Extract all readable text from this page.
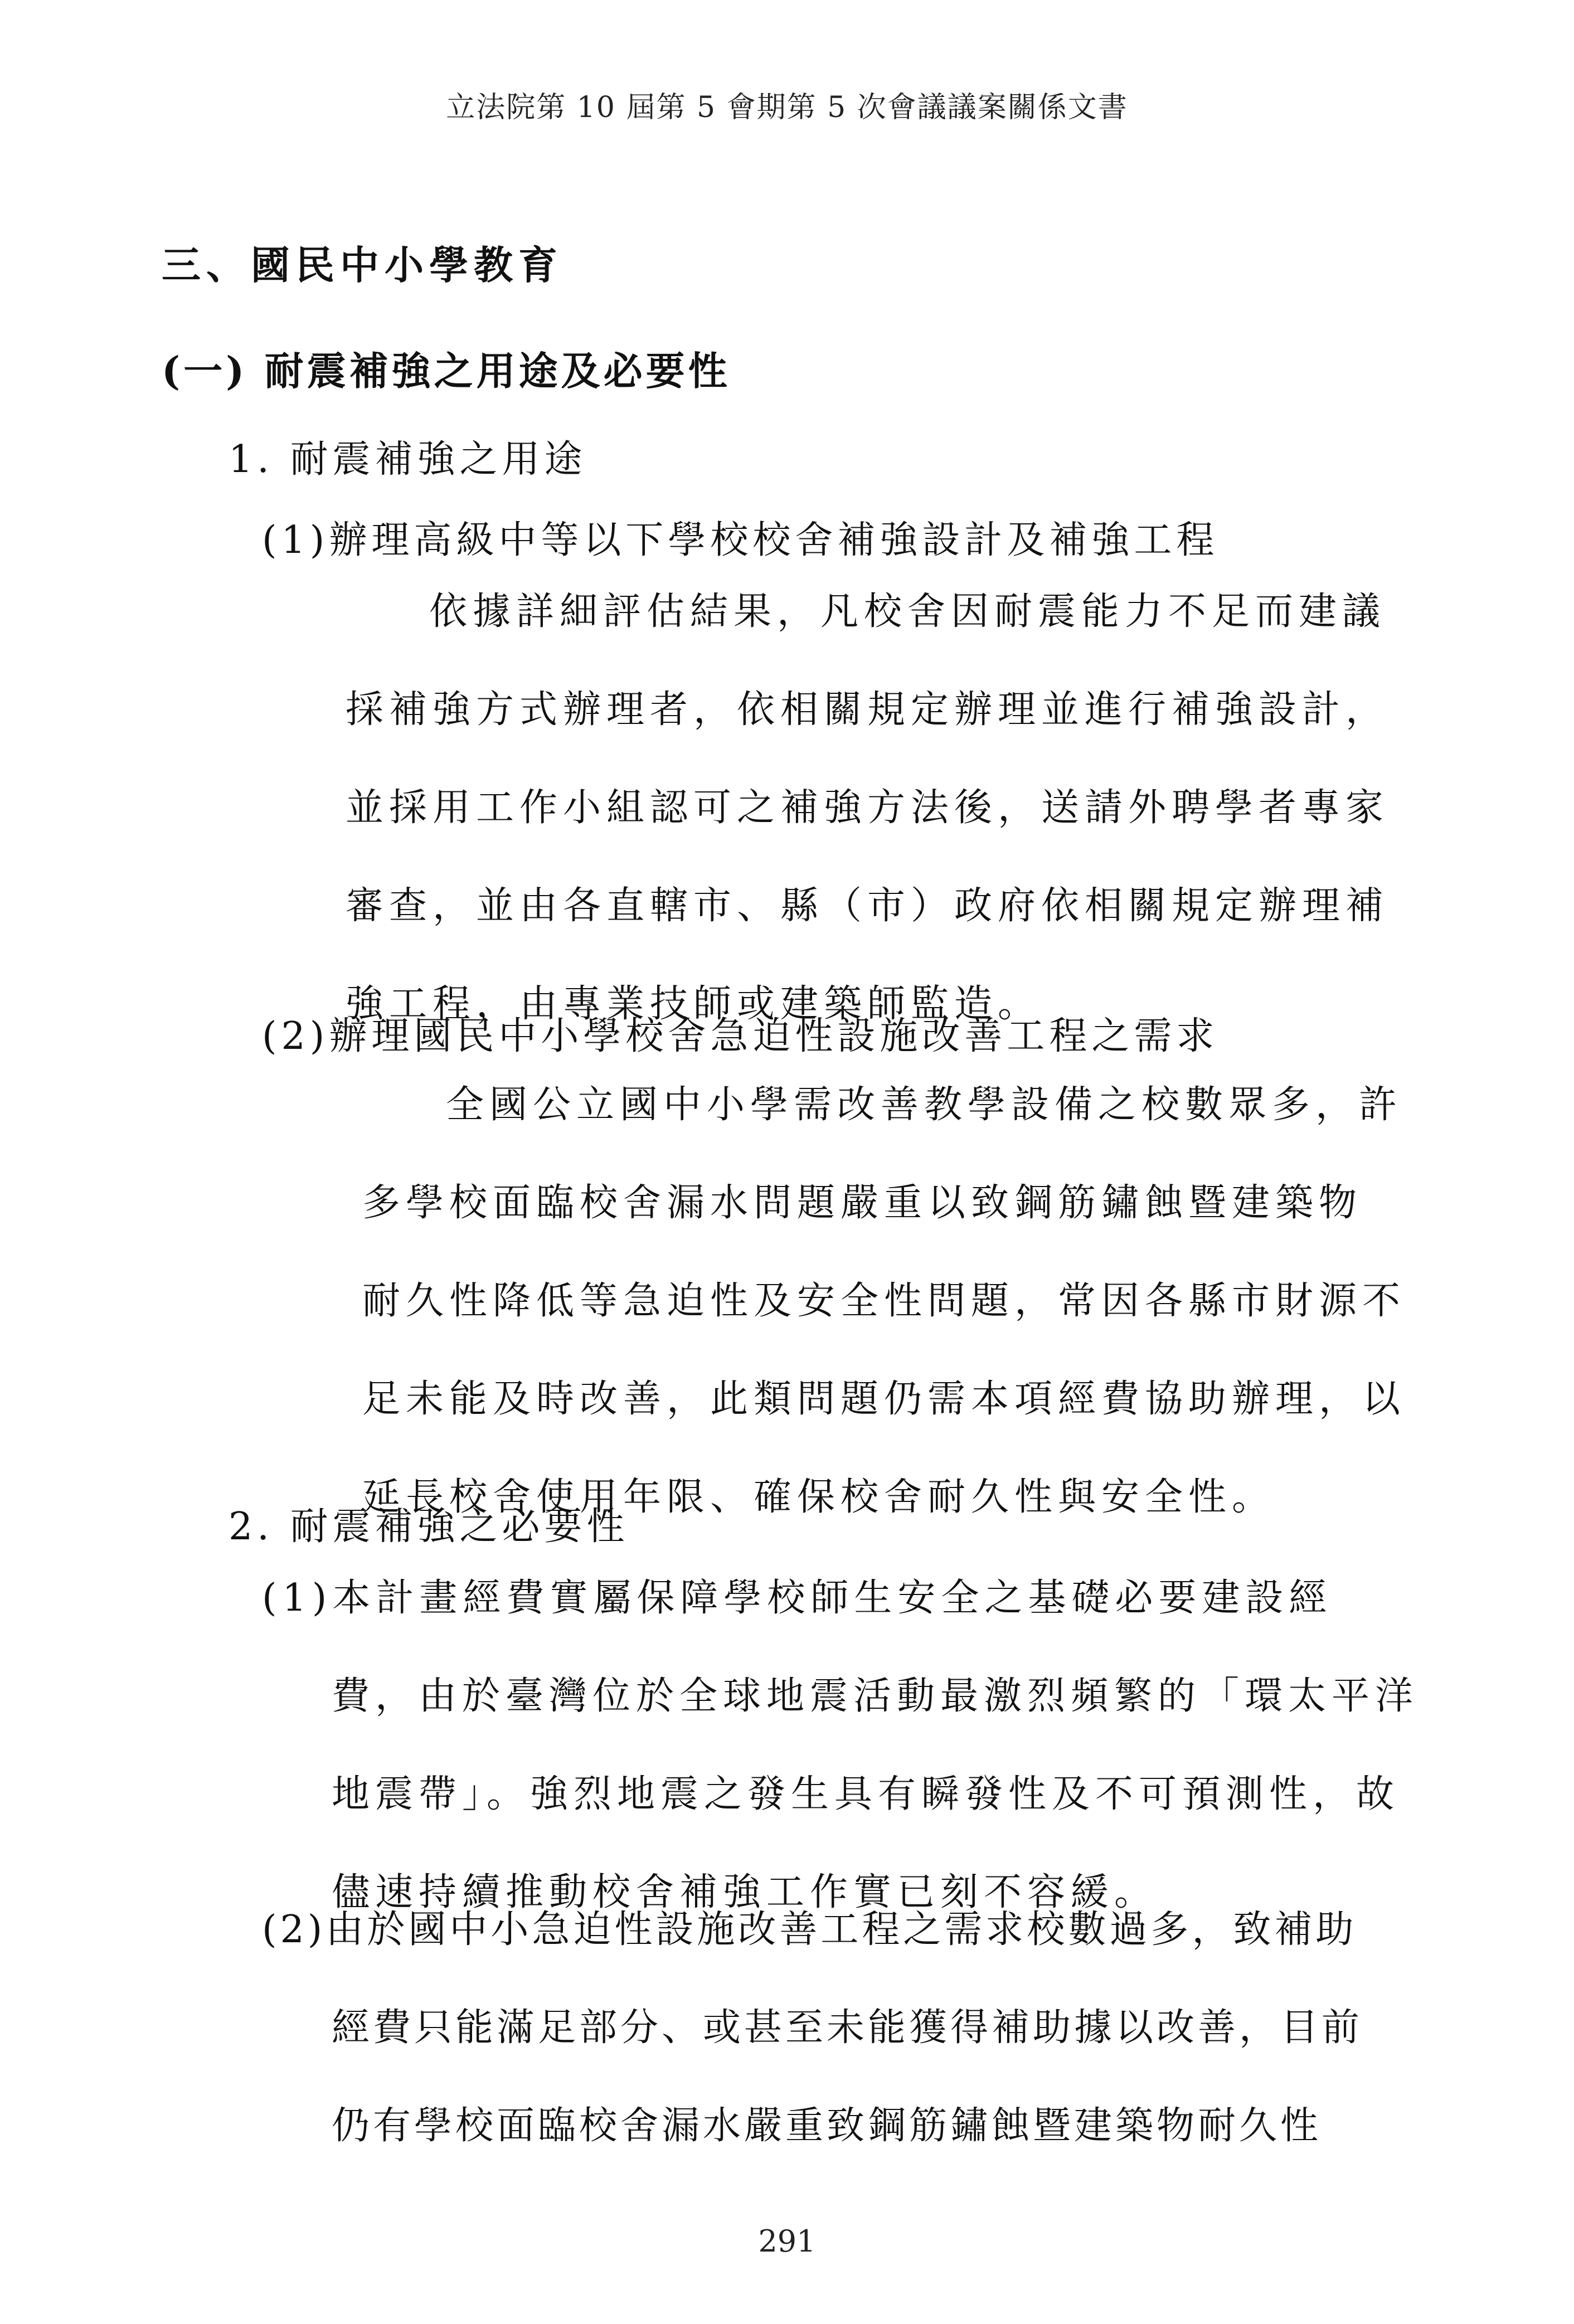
立法院第 10 屆第 5 會期第 5 次會議議案關係文書
三、國民中小學教育
(一) 耐震補強之用途及必要性
1. 耐震補強之用途
(1)辦理高級中等以下學校校舍補強設計及補強工程
依據詳細評估結果，凡校舍因耐震能力不足而建議
採補強方式辦理者，依相關規定辦理並進行補強設計，
並採用工作小組認可之補強方法後，送請外聘學者專家
審查，並由各直轄市、縣（市）政府依相關規定辦理補
強工程，由專業技師或建築師監造。
(2)辦理國民中小學校舍急迫性設施改善工程之需求
全國公立國中小學需改善教學設備之校數眾多，許
多學校面臨校舍漏水問題嚴重以致鋼筋鏽蝕暨建築物
耐久性降低等急迫性及安全性問題，常因各縣市財源不
足未能及時改善，此類問題仍需本項經費協助辦理，以
延長校舍使用年限、確保校舍耐久性與安全性。
2. 耐震補強之必要性
(1)本計畫經費實屬保障學校師生安全之基礎必要建設經
費，由於臺灣位於全球地震活動最激烈頻繁的「環太平洋
地震帶」。強烈地震之發生具有瞬發性及不可預測性，故
儘速持續推動校舍補強工作實已刻不容緩。
(2)由於國中小急迫性設施改善工程之需求校數過多，致補助
經費只能滿足部分、或甚至未能獲得補助據以改善，目前
仍有學校面臨校舍漏水嚴重致鋼筋鏽蝕暨建築物耐久性
291
